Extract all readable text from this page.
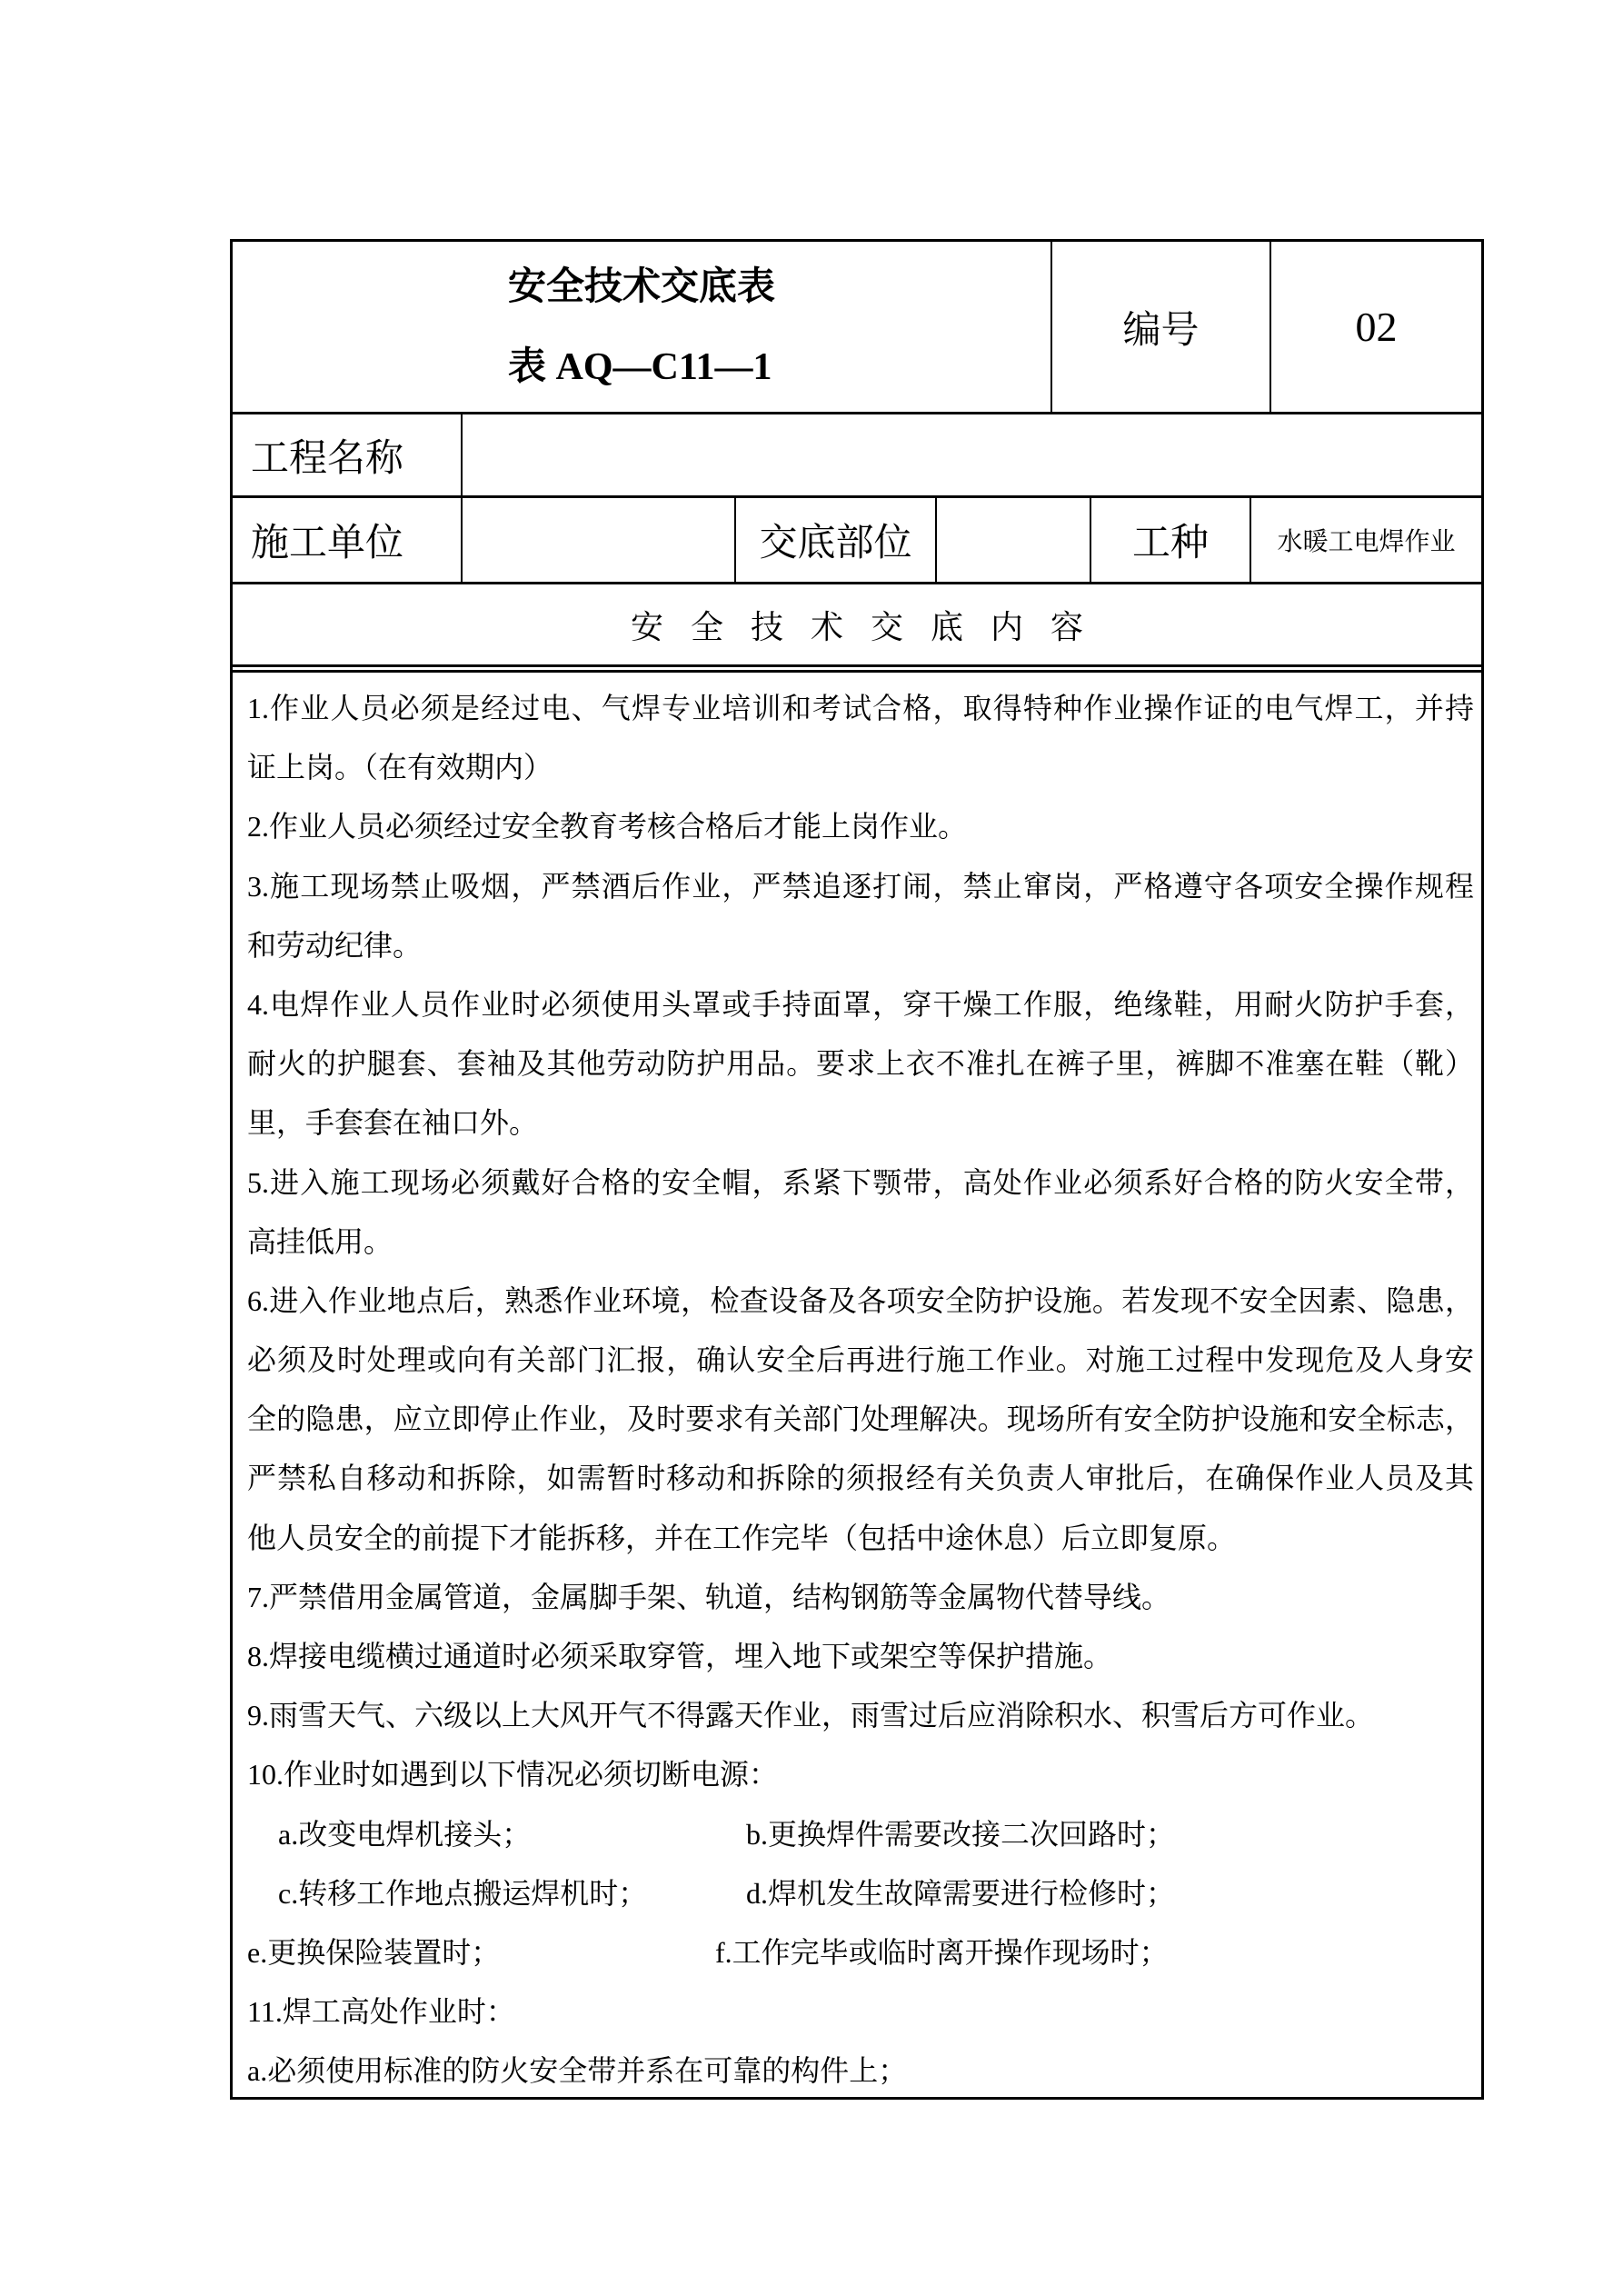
安全技术交底表
表 AQ—C11—1
编号	02
工程名称
施工单位	交底部位	工种	水暖工电焊作业
安全技术交底内容
1.作业人员必须是经过电、气焊专业培训和考试合格，取得特种作业操作证的电气焊工，并持
证上岗。（在有效期内）
2.作业人员必须经过安全教育考核合格后才能上岗作业。
3.施工现场禁止吸烟，严禁酒后作业，严禁追逐打闹，禁止窜岗，严格遵守各项安全操作规程
和劳动纪律。
4.电焊作业人员作业时必须使用头罩或手持面罩，穿干燥工作服，绝缘鞋，用耐火防护手套，
耐火的护腿套、套袖及其他劳动防护用品。要求上衣不准扎在裤子里，裤脚不准塞在鞋（靴）
里，手套套在袖口外。
5.进入施工现场必须戴好合格的安全帽，系紧下颚带，高处作业必须系好合格的防火安全带，
高挂低用。
6.进入作业地点后，熟悉作业环境，检查设备及各项安全防护设施。若发现不安全因素、隐患，
必须及时处理或向有关部门汇报，确认安全后再进行施工作业。对施工过程中发现危及人身安
全的隐患，应立即停止作业，及时要求有关部门处理解决。现场所有安全防护设施和安全标志，
严禁私自移动和拆除，如需暂时移动和拆除的须报经有关负责人审批后，在确保作业人员及其
他人员安全的前提下才能拆移，并在工作完毕（包括中途休息）后立即复原。
7.严禁借用金属管道，金属脚手架、轨道，结构钢筋等金属物代替导线。
8.焊接电缆横过通道时必须采取穿管，埋入地下或架空等保护措施。
9.雨雪天气、六级以上大风开气不得露天作业，雨雪过后应消除积水、积雪后方可作业。
10.作业时如遇到以下情况必须切断电源：
a.改变电焊机接头；	b.更换焊件需要改接二次回路时；
c.转移工作地点搬运焊机时；	d.焊机发生故障需要进行检修时；
e.更换保险装置时；	f.工作完毕或临时离开操作现场时；
11.焊工高处作业时：
a.必须使用标准的防火安全带并系在可靠的构件上；
